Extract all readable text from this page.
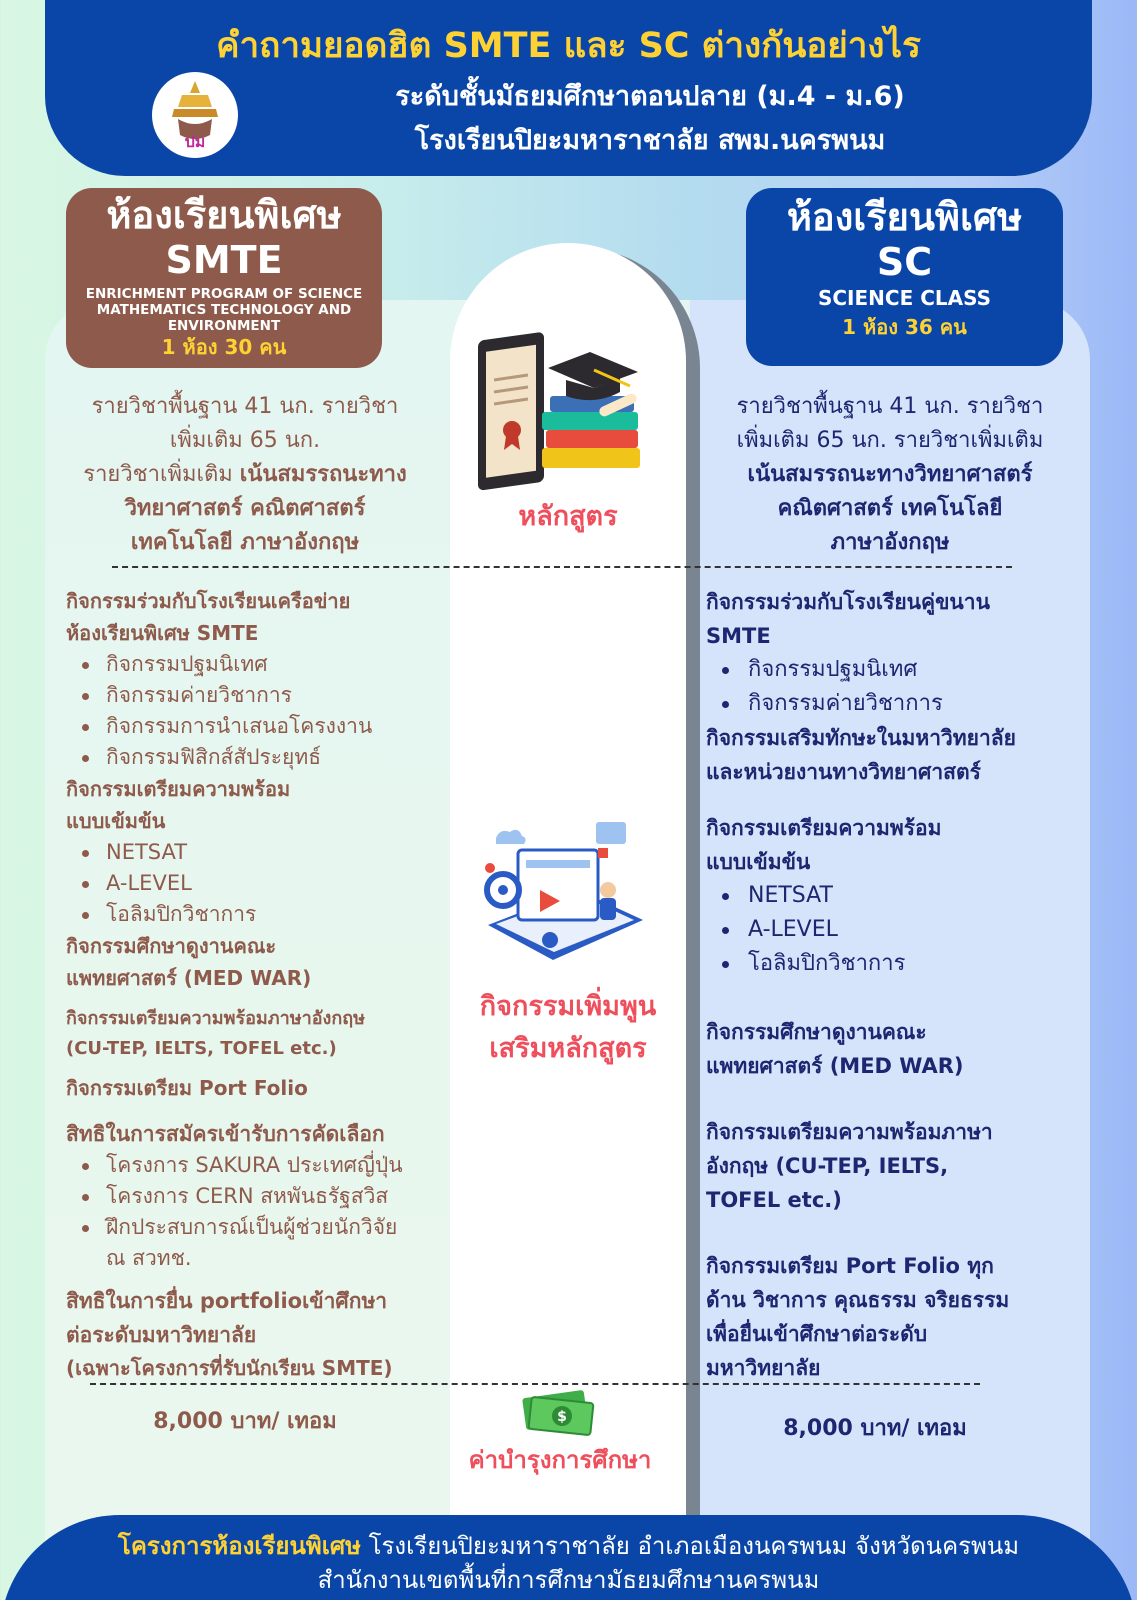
คำถามยอดฮิต SMTE และ SC ต่างกันอย่างไร
ปม
ระดับชั้นมัธยมศึกษาตอนปลาย (ม.4 - ม.6)
โรงเรียนปิยะมหาราชาลัย สพม.นครพนม
ห้องเรียนพิเศษ
SMTE
ENRICHMENT PROGRAM OF SCIENCE MATHEMATICS TECHNOLOGY AND ENVIRONMENT
1 ห้อง 30 คน
ห้องเรียนพิเศษ
SC
SCIENCE CLASS
1 ห้อง 36 คน
รายวิชาพื้นฐาน 41 นก. รายวิชา
เพิ่มเติม 65 นก.
รายวิชาเพิ่มเติม เน้นสมรรถนะทาง
วิทยาศาสตร์ คณิตศาสตร์
เทคโนโลยี ภาษาอังกฤษ
รายวิชาพื้นฐาน 41 นก. รายวิชา
เพิ่มเติม 65 นก. รายวิชาเพิ่มเติม
เน้นสมรรถนะทางวิทยาศาสตร์
คณิตศาสตร์ เทคโนโลยี
ภาษาอังกฤษ
หลักสูตร
กิจกรรมร่วมกับโรงเรียนเครือข่าย
ห้องเรียนพิเศษ SMTE
กิจกรรมปฐมนิเทศ
กิจกรรมค่ายวิชาการ
กิจกรรมการนำเสนอโครงงาน
กิจกรรมฟิสิกส์สัประยุทธ์
กิจกรรมเตรียมความพร้อม
แบบเข้มข้น
NETSAT
A-LEVEL
โอลิมปิกวิชาการ
กิจกรรมศึกษาดูงานคณะ
แพทยศาสตร์ (MED WAR)
กิจกรรมเตรียมความพร้อมภาษาอังกฤษ
(CU-TEP, IELTS, TOFEL etc.)
กิจกรรมเตรียม Port Folio
สิทธิในการสมัครเข้ารับการคัดเลือก
โครงการ SAKURA ประเทศญี่ปุ่น
โครงการ CERN สหพันธรัฐสวิส
ฝึกประสบการณ์เป็นผู้ช่วยนักวิจัย
ณ สวทช.
สิทธิในการยื่น portfolioเข้าศึกษา
ต่อระดับมหาวิทยาลัย
(เฉพาะโครงการที่รับนักเรียน SMTE)
กิจกรรมร่วมกับโรงเรียนคู่ขนาน
SMTE
กิจกรรมปฐมนิเทศ
กิจกรรมค่ายวิชาการ
กิจกรรมเสริมทักษะในมหาวิทยาลัย
และหน่วยงานทางวิทยาศาสตร์
กิจกรรมเตรียมความพร้อม
แบบเข้มข้น
NETSAT
A-LEVEL
โอลิมปิกวิชาการ
กิจกรรมศึกษาดูงานคณะ
แพทยศาสตร์ (MED WAR)
กิจกรรมเตรียมความพร้อมภาษา
อังกฤษ (CU-TEP, IELTS,
TOFEL etc.)
กิจกรรมเตรียม Port Folio ทุก
ด้าน วิชาการ คุณธรรม จริยธรรม
เพื่อยื่นเข้าศึกษาต่อระดับ
มหาวิทยาลัย
กิจกรรมเพิ่มพูน
เสริมหลักสูตร
8,000 บาท/ เทอม	8,000 บาท/ เทอม
$
ค่าบำรุงการศึกษา
โครงการห้องเรียนพิเศษ โรงเรียนปิยะมหาราชาลัย อำเภอเมืองนครพนม จังหวัดนครพนม
สำนักงานเขตพื้นที่การศึกษามัธยมศึกษานครพนม
